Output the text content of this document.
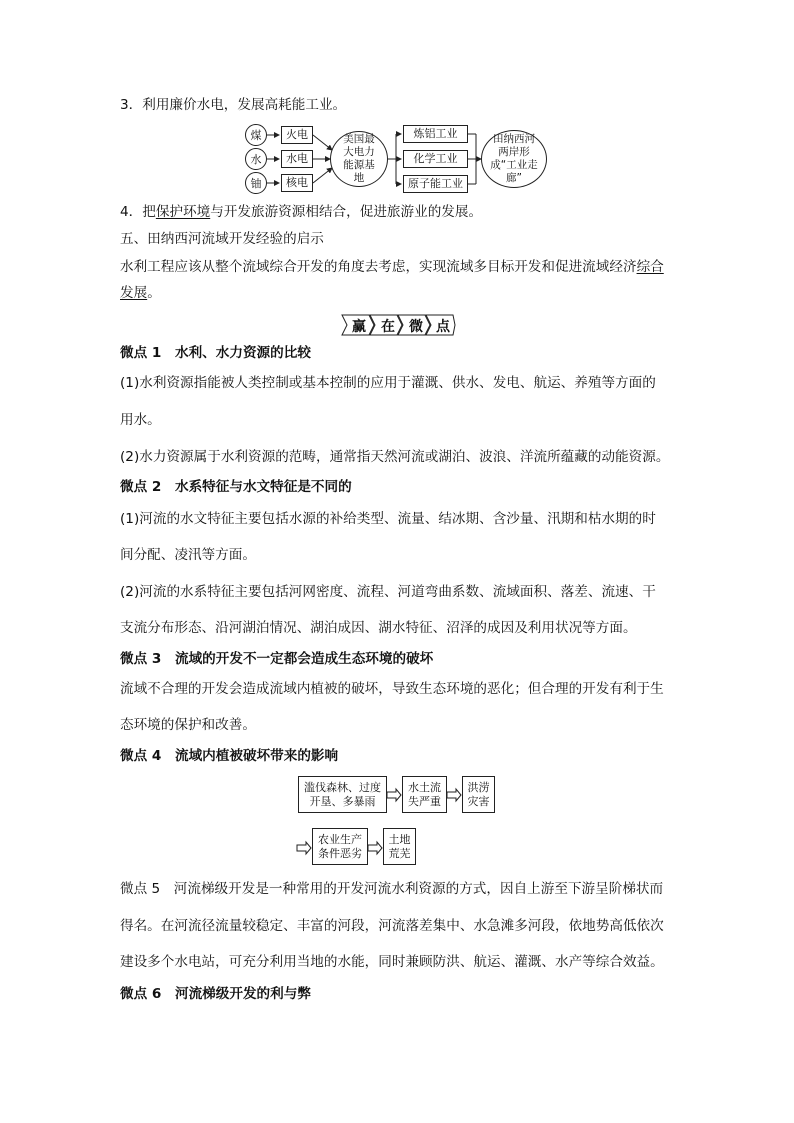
3．利用廉价水电，发展高耗能工业。
煤
水
铀
火电
水电
核电
美国最大电力能源基地
炼铝工业
化学工业
原子能工业
田纳西河两岸形成“工业走廊”
4．把保护环境与开发旅游资源相结合，促进旅游业的发展。
五、田纳西河流域开发经验的启示
水利工程应该从整个流域综合开发的角度去考虑，实现流域多目标开发和促进流域经济综合
发展。
赢 在 微 点
微点 1　水利、水力资源的比较
(1)水利资源指能被人类控制或基本控制的应用于灌溉、供水、发电、航运、养殖等方面的
用水。
(2)水力资源属于水利资源的范畴，通常指天然河流或湖泊、波浪、洋流所蕴藏的动能资源。
微点 2　水系特征与水文特征是不同的
(1)河流的水文特征主要包括水源的补给类型、流量、结冰期、含沙量、汛期和枯水期的时
间分配、凌汛等方面。
(2)河流的水系特征主要包括河网密度、流程、河道弯曲系数、流域面积、落差、流速、干
支流分布形态、沿河湖泊情况、湖泊成因、湖水特征、沼泽的成因及利用状况等方面。
微点 3　流域的开发不一定都会造成生态环境的破坏
流域不合理的开发会造成流域内植被的破坏，导致生态环境的恶化；但合理的开发有利于生
态环境的保护和改善。
微点 4　流域内植被破坏带来的影响
滥伐森林、过度开垦、多暴雨
水土流失严重
洪涝灾害
农业生产条件恶劣
土地荒芜
微点 5　河流梯级开发是一种常用的开发河流水利资源的方式，因自上游至下游呈阶梯状而
得名。在河流径流量较稳定、丰富的河段，河流落差集中、水急滩多河段，依地势高低依次
建设多个水电站，可充分利用当地的水能，同时兼顾防洪、航运、灌溉、水产等综合效益。
微点 6　河流梯级开发的利与弊
